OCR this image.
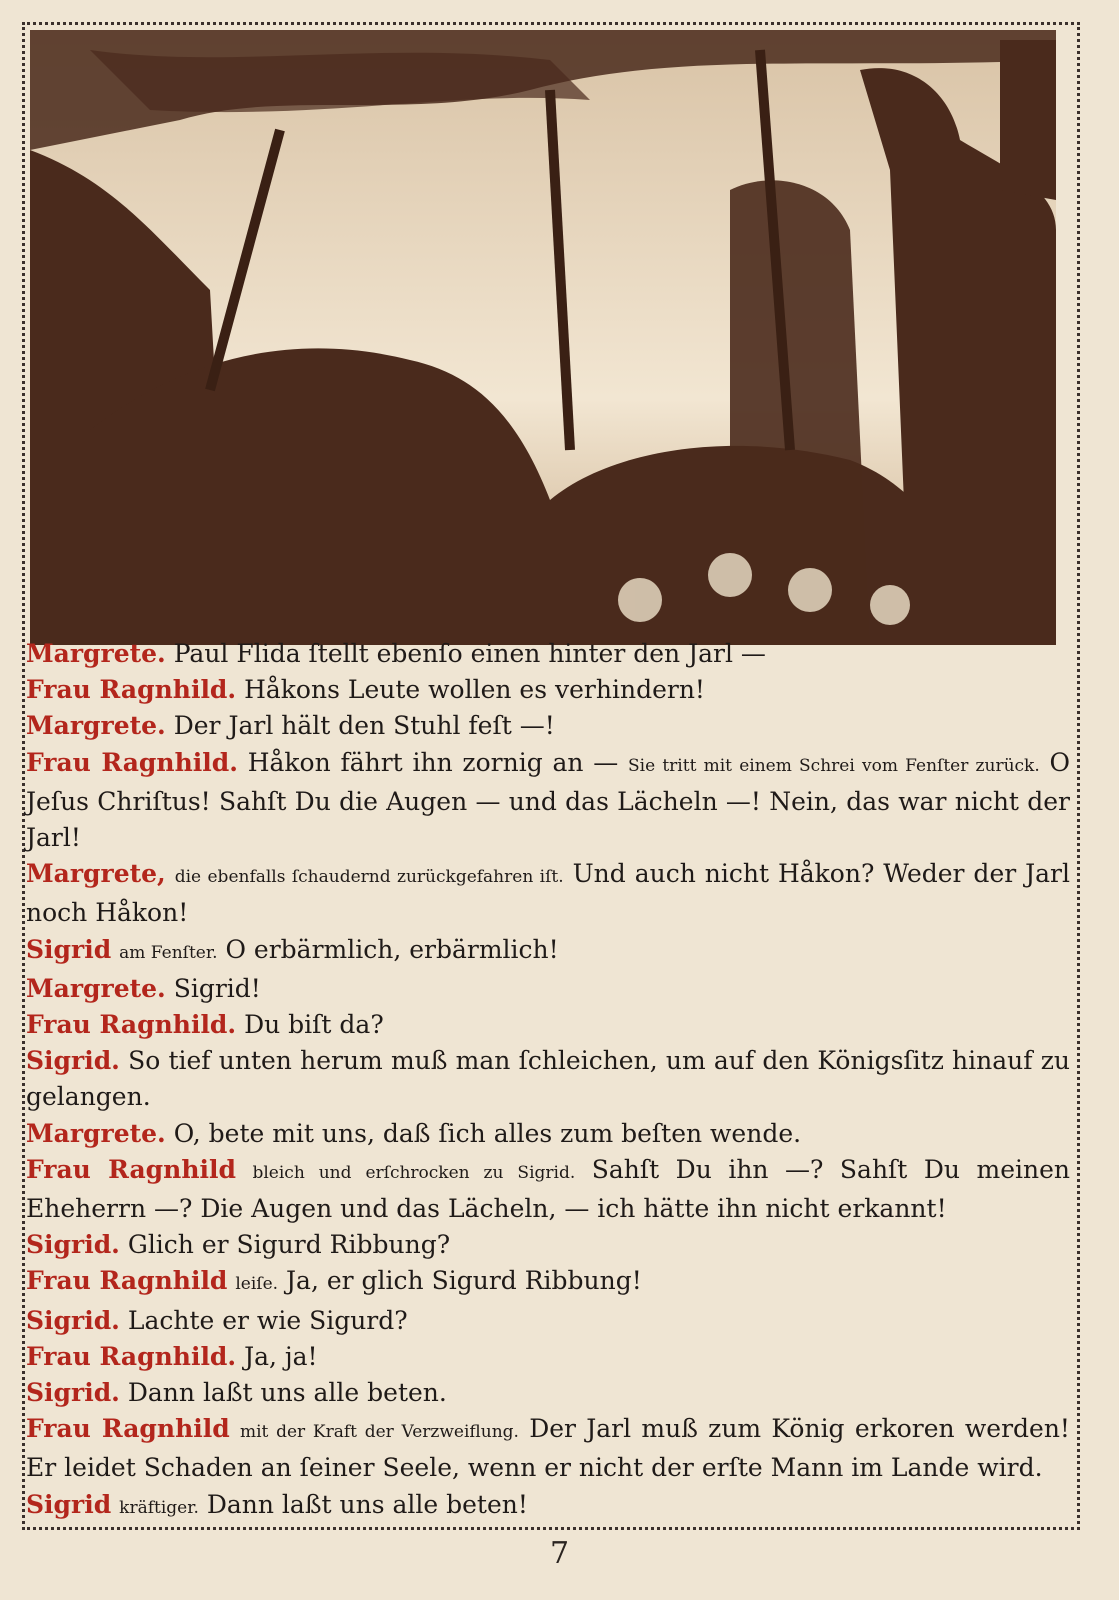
Margrete. Paul Flida ſtellt ebenſo einen hinter den Jarl —

Frau Ragnhild. Håkons Leute wollen es verhindern!

Margrete. Der Jarl hält den Stuhl feſt —!

Frau Ragnhild. Håkon fährt ihn zornig an — Sie tritt mit einem Schrei vom Fenſter zurück. O Jeſus Chriſtus! Sahſt Du die Augen — und das Lächeln —! Nein, das war nicht der Jarl!

Margrete, die ebenfalls ſchaudernd zurückgefahren iſt. Und auch nicht Håkon? Weder der Jarl noch Håkon!

Sigrid am Fenſter. O erbärmlich, erbärmlich!

Margrete. Sigrid!

Frau Ragnhild. Du biſt da?

Sigrid. So tief unten herum muß man ſchleichen, um auf den Königsſitz hinauf zu gelangen.

Margrete. O, bete mit uns, daß ſich alles zum beſten wende.

Frau Ragnhild bleich und erſchrocken zu Sigrid. Sahſt Du ihn —? Sahſt Du meinen Eheherrn —? Die Augen und das Lächeln, — ich hätte ihn nicht erkannt!

Sigrid. Glich er Sigurd Ribbung?

Frau Ragnhild leiſe. Ja, er glich Sigurd Ribbung!

Sigrid. Lachte er wie Sigurd?

Frau Ragnhild. Ja, ja!

Sigrid. Dann laßt uns alle beten.

Frau Ragnhild mit der Kraft der Verzweiflung. Der Jarl muß zum König erkoren werden! Er leidet Schaden an ſeiner Seele, wenn er nicht der erſte Mann im Lande wird.

Sigrid kräftiger. Dann laßt uns alle beten!

7
